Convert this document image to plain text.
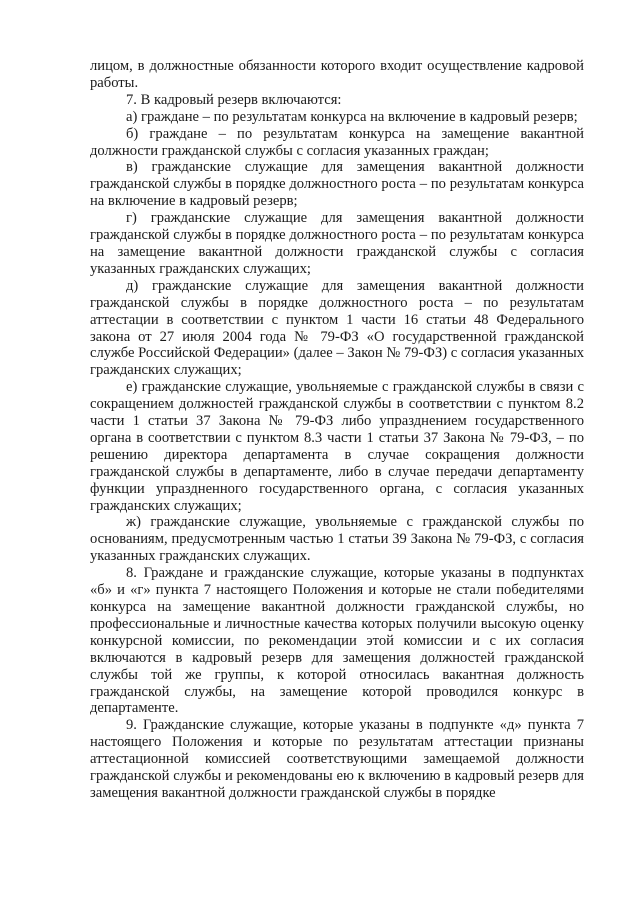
лицом, в должностные обязанности которого входит осуществление кадровой работы.

7. В кадровый резерв включаются:

а) граждане – по результатам конкурса на включение в кадровый резерв;

б) граждане – по результатам конкурса на замещение вакантной должности гражданской службы с согласия указанных граждан;

в) гражданские служащие для замещения вакантной должности гражданской службы в порядке должностного роста – по результатам конкурса на включение в кадровый резерв;

г) гражданские служащие для замещения вакантной должности гражданской службы в порядке должностного роста – по результатам конкурса на замещение вакантной должности гражданской службы с согласия указанных гражданских служащих;

д) гражданские служащие для замещения вакантной должности гражданской службы в порядке должностного роста – по результатам аттестации в соответствии с пунктом 1 части 16 статьи 48 Федерального закона от 27 июля 2004 года № 79-ФЗ «О государственной гражданской службе Российской Федерации» (далее – Закон № 79-ФЗ) с согласия указанных гражданских служащих;

е) гражданские служащие, увольняемые с гражданской службы в связи с сокращением должностей гражданской службы в соответствии с пунктом 8.2 части 1 статьи 37 Закона № 79-ФЗ либо упразднением государственного органа в соответствии с пунктом 8.3 части 1 статьи 37 Закона № 79-ФЗ, – по решению директора департамента в случае сокращения должности гражданской службы в департаменте, либо в случае передачи департаменту функции упраздненного государственного органа, с согласия указанных гражданских служащих;

ж) гражданские служащие, увольняемые с гражданской службы по основаниям, предусмотренным частью 1 статьи 39 Закона № 79-ФЗ, с согласия указанных гражданских служащих.

8. Граждане и гражданские служащие, которые указаны в подпунктах «б» и «г» пункта 7 настоящего Положения и которые не стали победителями конкурса на замещение вакантной должности гражданской службы, но профессиональные и личностные качества которых получили высокую оценку конкурсной комиссии, по рекомендации этой комиссии и с их согласия включаются в кадровый резерв для замещения должностей гражданской службы той же группы, к которой относилась вакантная должность гражданской службы, на замещение которой проводился конкурс в департаменте.

9. Гражданские служащие, которые указаны в подпункте «д» пункта 7 настоящего Положения и которые по результатам аттестации признаны аттестационной комиссией соответствующими замещаемой должности гражданской службы и рекомендованы ею к включению в кадровый резерв для замещения вакантной должности гражданской службы в порядке
